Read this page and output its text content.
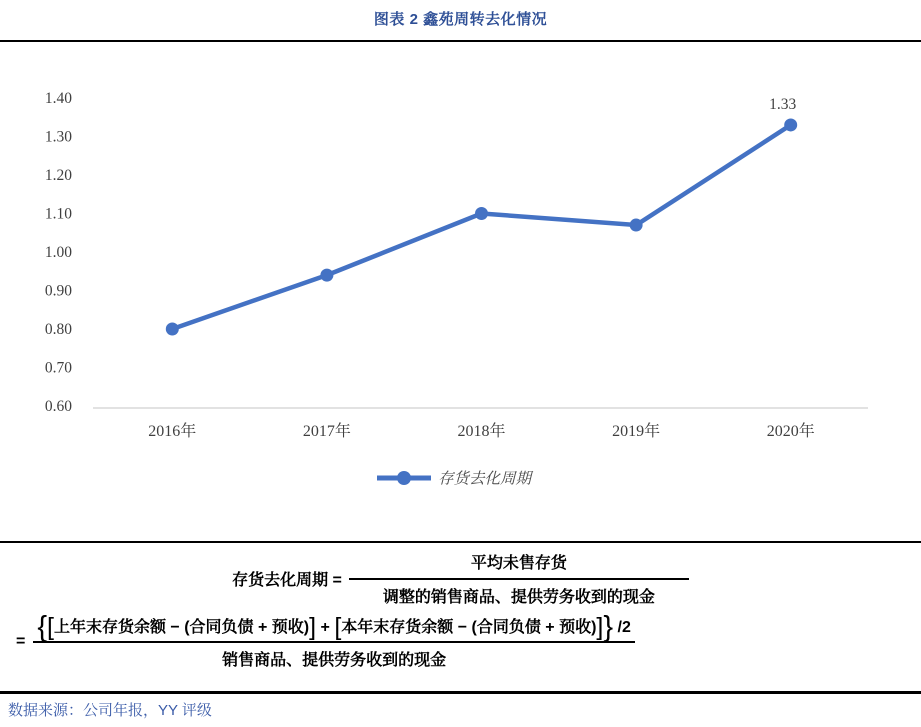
图表 2 鑫苑周转去化情况
0.60
0.70
0.80
0.90
1.00
1.10
1.20
1.30
1.40
2016年	2017年	2018年	2019年	2020年
1.33
存货去化周期
存货去化周期 = $\frac{\text{平均未售存货}}{\text{调整的销售商品、提供劳务收到的现金}}$
= $\frac{\text{\{[上年末存货余额 − (合同负债 + 预收)] + [本年末存货余额 − (合同负债 + 预收)]\} /2}}{\text{销售商品、提供劳务收到的现金}}$
数据来源：公司年报，YY 评级
